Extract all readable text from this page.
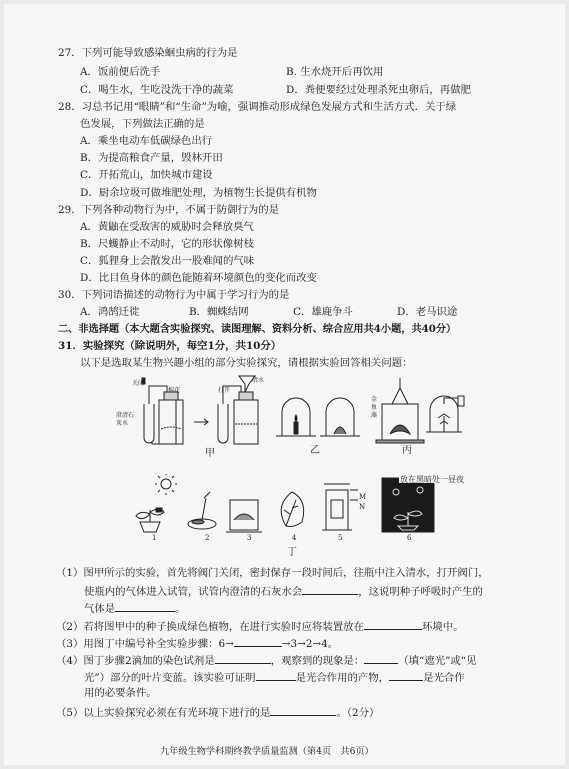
27．下列可能导致感染蛔虫病的行为是
A．饭前便后洗手	B. 生水烧开后再饮用
C．喝生水，生吃没洗干净的蔬菜	D．粪便要经过处理杀死虫卵后，再做肥
28．习总书记用“眼睛”和“生命”为喻，强调推动形成绿色发展方式和生活方式．关于绿
色发展，下列做法正确的是
A．乘坐电动车低碳绿色出行
B．为提高粮食产量，毁林开田
C．开拓荒山，加快城市建设
D．厨余垃圾可做堆肥处理，为植物生长提供有机物
29．下列各种动物行为中，不属于防御行为的是
A．黄鼬在受敌害的威胁时会释放臭气
B．尺蠖静止不动时，它的形状像树枝
C．狐狸身上会散发出一股难闻的气味
D．比目鱼身体的颜色能随着环境颜色的变化而改变
30．下列词语描述的动物行为中属于学习行为的是
A．鸿鹄迁徙	B．蜘蛛结网	C．雄鹿争斗	D．老马识途
二、非选择题（本大题含实验探究、读图理解、资料分析、综合应用共4小题，共40分）
31．实验探究（除说明外，每空1分，共10分）
以下是选取某生物兴趣小组的部分实验探究，请根据实验回答相关问题：
关闭
棉花
清水
打开
澄清石
灰水
金
鱼
藻
甲	乙	丙
放在黑暗处一昼夜
M
N
1	2	3	4	5	6
丁
（1）图甲所示的实验，首先将阀门关闭，密封保存一段时间后，往瓶中注入清水，打开阀门，
使瓶内的气体进入试管，试管内澄清的石灰水会	，这说明种子呼吸时产生的
气体是	。
（2）若将图甲中的种子换成绿色植物，在进行实验时应将装置放在	环境中。
（3）用图丁中编号补全实验步骤：6→	→3→2→4。
（4）图丁步骤2滴加的染色试剂是	，观察到的现象是：	（填“遮光”或“见
光”）部分的叶片变蓝。该实验可证明	是光合作用的产物，	是光合作
用的必要条件。
（5）以上实验探究必须在有光环境下进行的是	。（2分）
九年级生物学科期终教学质量监测（第4页　共6页）
